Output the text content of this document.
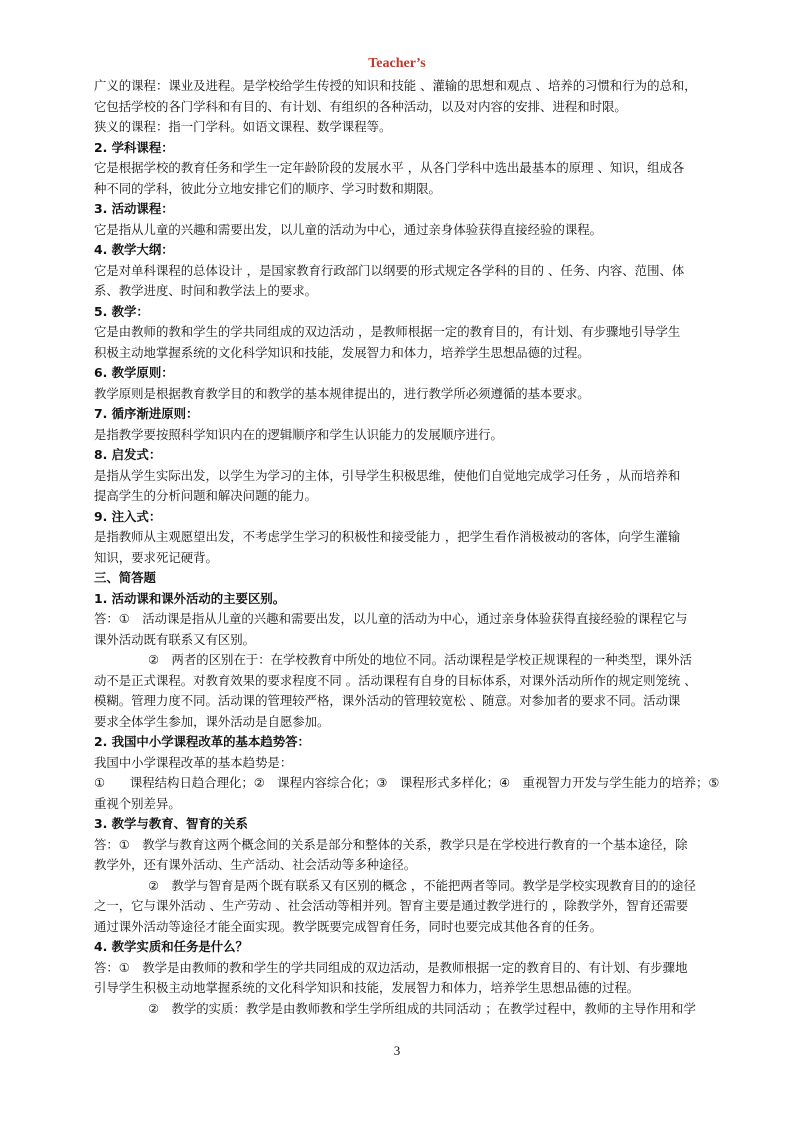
Teacher’s

广义的课程：课业及进程。是学校给学生传授的知识和技能 、灌输的思想和观点 、培养的习惯和行为的总和，

它包括学校的各门学科和有目的、有计划、有组织的各种活动，以及对内容的安排、进程和时限。

狭义的课程：指一门学科。如语文课程、数学课程等。

2. 学科课程：

它是根据学校的教育任务和学生一定年龄阶段的发展水平 ，从各门学科中选出最基本的原理 、知识，组成各

种不同的学科，彼此分立地安排它们的顺序、学习时数和期限。

3. 活动课程：

它是指从儿童的兴趣和需要出发，以儿童的活动为中心，通过亲身体验获得直接经验的课程。

4. 教学大纲：

它是对单科课程的总体设计 ，是国家教育行政部门以纲要的形式规定各学科的目的 、任务、内容、范围、体

系、教学进度、时间和教学法上的要求。

5. 教学：

它是由教师的教和学生的学共同组成的双边活动 ，是教师根据一定的教育目的，有计划、有步骤地引导学生

积极主动地掌握系统的文化科学知识和技能，发展智力和体力，培养学生思想品德的过程。

6. 教学原则：

教学原则是根据教育教学目的和教学的基本规律提出的，进行教学所必须遵循的基本要求。

7. 循序渐进原则：

是指教学要按照科学知识内在的逻辑顺序和学生认识能力的发展顺序进行。

8. 启发式：

是指从学生实际出发，以学生为学习的主体，引导学生积极思维，使他们自觉地完成学习任务 ，从而培养和

提高学生的分析问题和解决问题的能力。

9. 注入式：

是指教师从主观愿望出发，不考虑学生学习的积极性和接受能力 ，把学生看作消极被动的客体，向学生灌输

知识，要求死记硬背。

三、简答题

1. 活动课和课外活动的主要区别。

答：①　活动课是指从儿童的兴趣和需要出发，以儿童的活动为中心，通过亲身体验获得直接经验的课程它与

课外活动既有联系又有区别。

②　两者的区别在于：在学校教育中所处的地位不同。活动课程是学校正规课程的一种类型，课外活

动不是正式课程。对教育效果的要求程度不同 。活动课程有自身的目标体系，对课外活动所作的规定则笼统 、

模糊。管理力度不同。活动课的管理较严格，课外活动的管理较宽松 、随意。对参加者的要求不同。活动课

要求全体学生参加，课外活动是自愿参加。

2. 我国中小学课程改革的基本趋势答：

我国中小学课程改革的基本趋势是：

①　　课程结构日趋合理化；②　课程内容综合化；③　课程形式多样化；④　重视智力开发与学生能力的培养；⑤

重视个别差异。

3. 教学与教育、智育的关系

答：①　教学与教育这两个概念间的关系是部分和整体的关系，教学只是在学校进行教育的一个基本途径，除

教学外，还有课外活动、生产活动、社会活动等多种途径。

②　教学与智育是两个既有联系又有区别的概念 ，不能把两者等同。教学是学校实现教育目的的途径

之一，它与课外活动 、生产劳动 、社会活动等相并列。智育主要是通过教学进行的 ，除教学外，智育还需要

通过课外活动等途径才能全面实现。教学既要完成智育任务，同时也要完成其他各育的任务。

4. 教学实质和任务是什么？

答：①　教学是由教师的教和学生的学共同组成的双边活动，是教师根据一定的教育目的、有计划、有步骤地

引导学生积极主动地掌握系统的文化科学知识和技能，发展智力和体力，培养学生思想品德的过程。

②　教学的实质：教学是由教师教和学生学所组成的共同活动 ；在教学过程中，教师的主导作用和学

3
